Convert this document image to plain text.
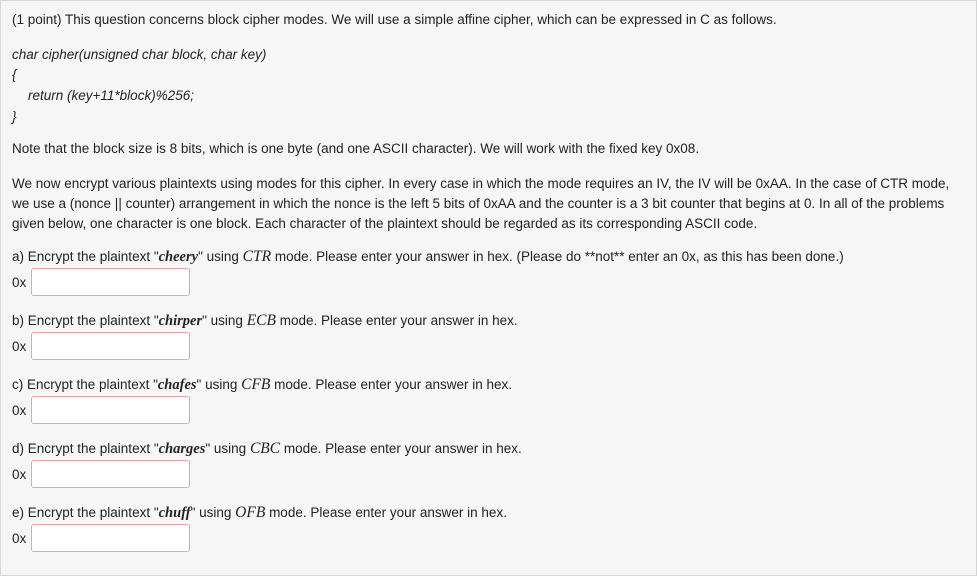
(1 point) This question concerns block cipher modes. We will use a simple affine cipher, which can be expressed in C as follows.
char cipher(unsigned char block, char key)
{
return (key+11*block)%256;
}
Note that the block size is 8 bits, which is one byte (and one ASCII character). We will work with the fixed key 0x08.
We now encrypt various plaintexts using modes for this cipher. In every case in which the mode requires an IV, the IV will be 0xAA. In the case of CTR mode, we use a (nonce || counter) arrangement in which the nonce is the left 5 bits of 0xAA and the counter is a 3 bit counter that begins at 0. In all of the problems given below, one character is one block. Each character of the plaintext should be regarded as its corresponding ASCII code.
a) Encrypt the plaintext "cheery" using CTR mode. Please enter your answer in hex. (Please do **not** enter an 0x, as this has been done.)
0x
b) Encrypt the plaintext "chirper" using ECB mode. Please enter your answer in hex.
0x
c) Encrypt the plaintext "chafes" using CFB mode. Please enter your answer in hex.
0x
d) Encrypt the plaintext "charges" using CBC mode. Please enter your answer in hex.
0x
e) Encrypt the plaintext "chuff" using OFB mode. Please enter your answer in hex.
0x
